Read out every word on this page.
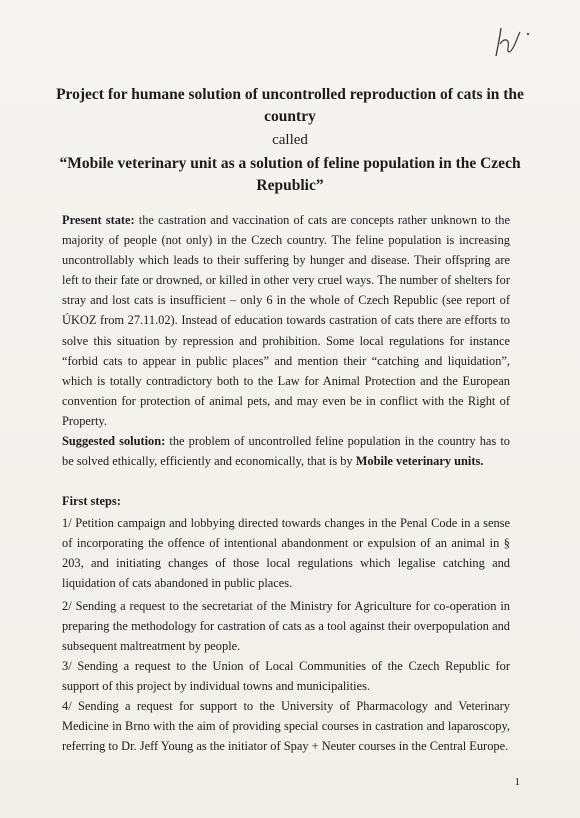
Project for humane solution of uncontrolled reproduction of cats in the
country
called
“Mobile veterinary unit as a solution of feline population in the Czech
Republic”
Present state: the castration and vaccination of cats are concepts rather unknown to the majority of people (not only) in the Czech country. The feline population is increasing uncontrollably which leads to their suffering by hunger and disease. Their offspring are left to their fate or drowned, or killed in other very cruel ways. The number of shelters for stray and lost cats is insufficient – only 6 in the whole of Czech Republic (see report of ÚKOZ from 27.11.02). Instead of education towards castration of cats there are efforts to solve this situation by repression and prohibition. Some local regulations for instance “forbid cats to appear in public places” and mention their “catching and liquidation”, which is totally contradictory both to the Law for Animal Protection and the European convention for protection of animal pets, and may even be in conflict with the Right of Property.
Suggested solution: the problem of uncontrolled feline population in the country has to be solved ethically, efficiently and economically, that is by Mobile veterinary units.
First steps:
1/ Petition campaign and lobbying directed towards changes in the Penal Code in a sense of incorporating the offence of intentional abandonment or expulsion of an animal in § 203, and initiating changes of those local regulations which legalise catching and liquidation of cats abandoned in public places.
2/ Sending a request to the secretariat of the Ministry for Agriculture for co-operation in preparing the methodology for castration of cats as a tool against their overpopulation and subsequent maltreatment by people.
3/ Sending a request to the Union of Local Communities of the Czech Republic for support of this project by individual towns and municipalities.
4/ Sending a request for support to the University of Pharmacology and Veterinary Medicine in Brno with the aim of providing special courses in castration and laparoscopy, referring to Dr. Jeff Young as the initiator of Spay + Neuter courses in the Central Europe.
1
